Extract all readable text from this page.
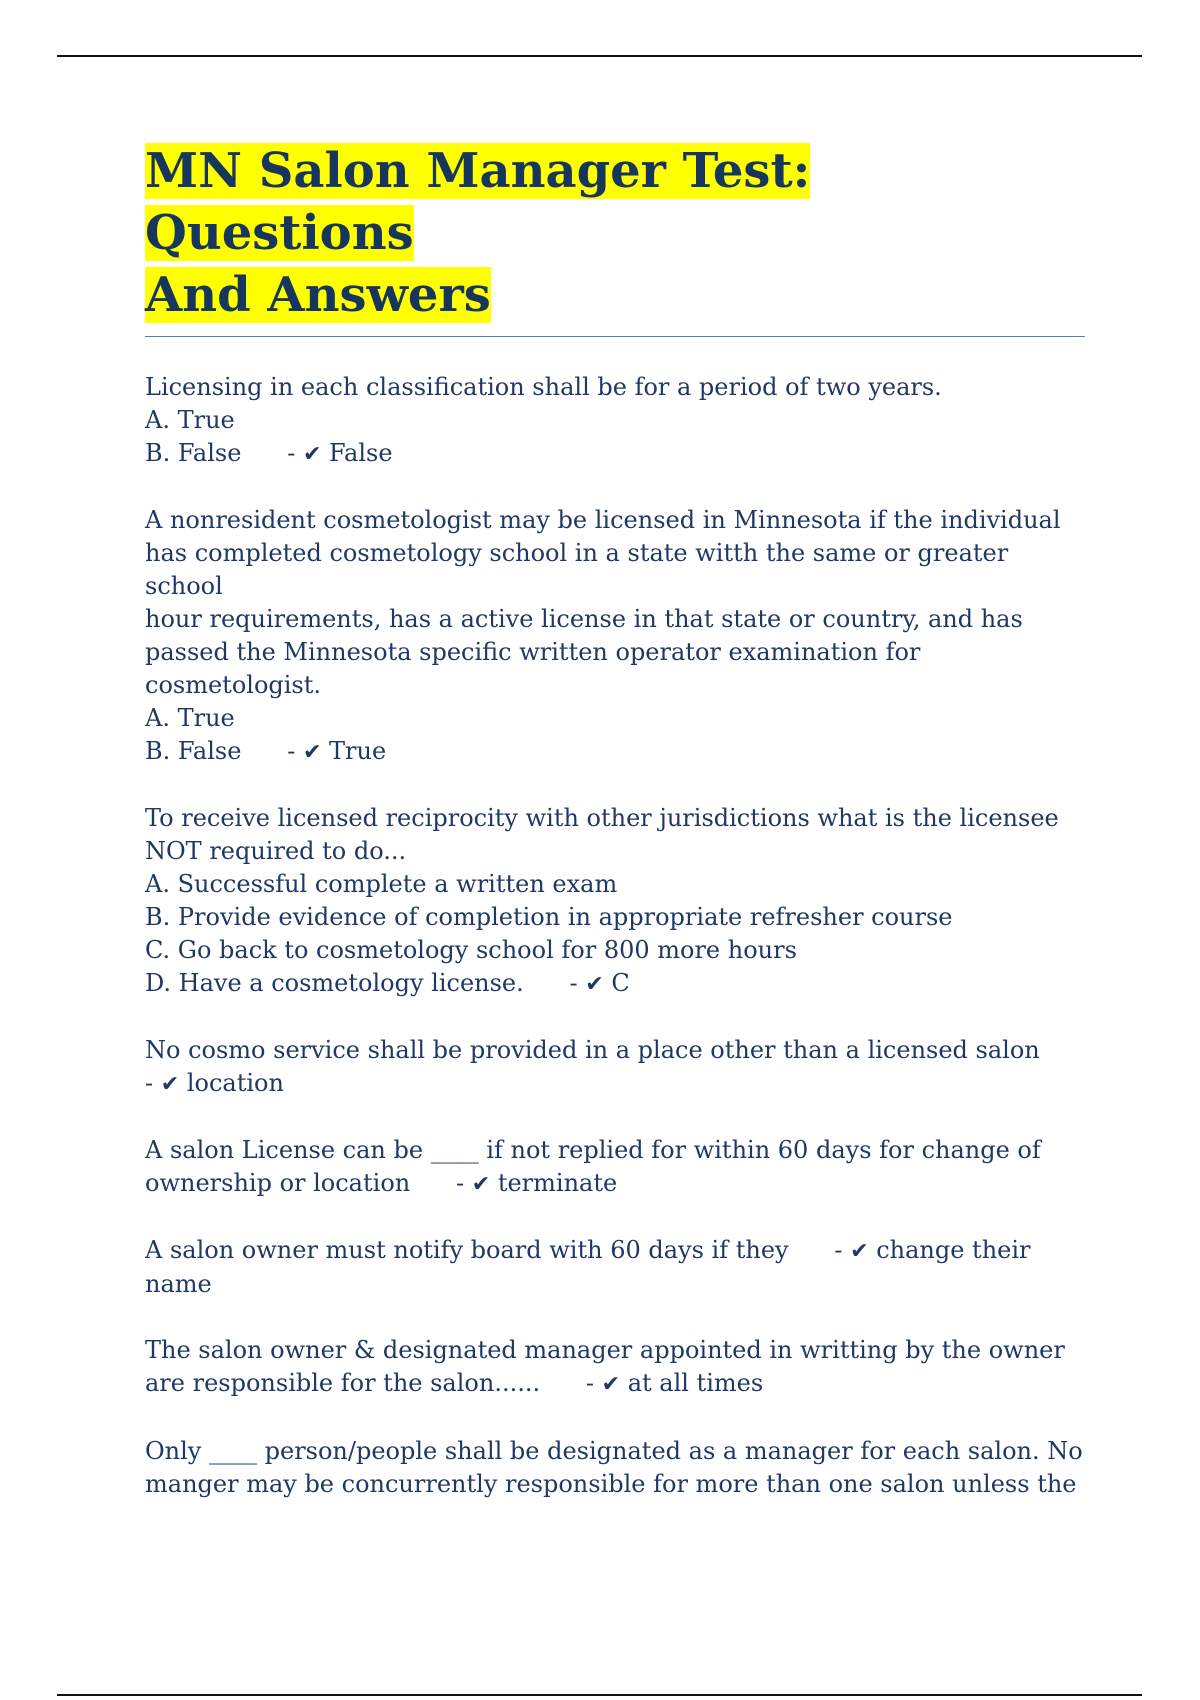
MN Salon Manager Test: Questions
And Answers

Licensing in each classification shall be for a period of two years.

A. True

B. False      - ✔ False

A nonresident cosmetologist may be licensed in Minnesota if the individual

has completed cosmetology school in a state witth the same or greater school

hour requirements, has a active license in that state or country, and has

passed the Minnesota specific written operator examination for

cosmetologist.

A. True

B. False      - ✔ True

To receive licensed reciprocity with other jurisdictions what is the licensee

NOT required to do...

A. Successful complete a written exam

B. Provide evidence of completion in appropriate refresher course

C. Go back to cosmetology school for 800 more hours

D. Have a cosmetology license.      - ✔ C

No cosmo service shall be provided in a place other than a licensed salon      - ✔ location

A salon License can be ____ if not replied for within 60 days for change of ownership or location      - ✔ terminate

A salon owner must notify board with 60 days if they      - ✔ change their name

The salon owner & designated manager appointed in writting by the owner are responsible for the salon......      - ✔ at all times

Only ____ person/people shall be designated as a manager for each salon. No manger may be concurrently responsible for more than one salon unless the
